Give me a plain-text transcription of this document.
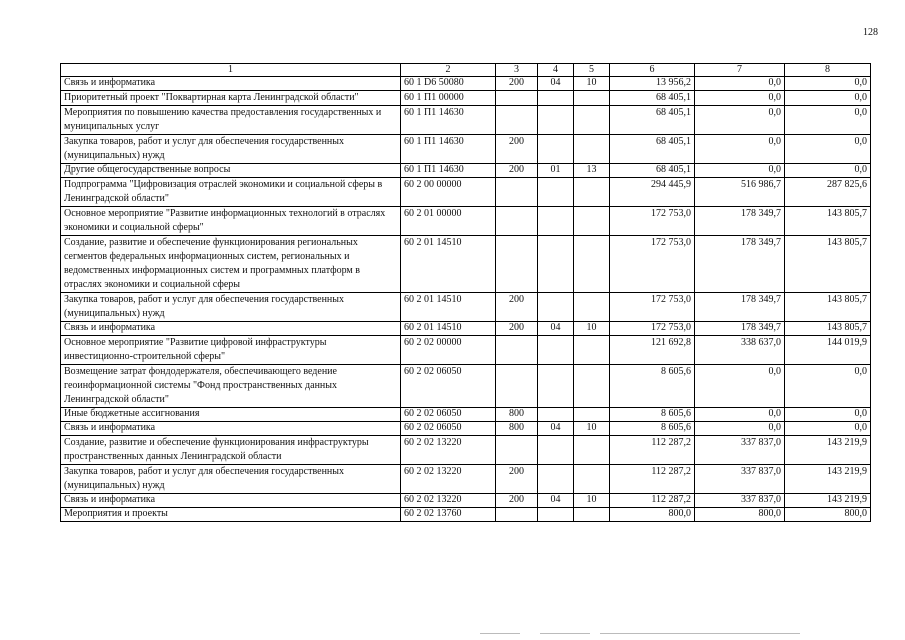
128
1	2	3	4	5	6	7	8
Связь и информатика	60 1 D6 50080	200	04	10	13 956,2	0,0	0,0
Приоритетный проект "Поквартирная карта Ленинградской области"	60 1 П1 00000				68 405,1	0,0	0,0
Мероприятия по повышению качества предоставления государственных и муниципальных услуг	60 1 П1 14630				68 405,1	0,0	0,0
Закупка товаров, работ и услуг для обеспечения государственных (муниципальных) нужд	60 1 П1 14630	200			68 405,1	0,0	0,0
Другие общегосударственные вопросы	60 1 П1 14630	200	01	13	68 405,1	0,0	0,0
Подпрограмма "Цифровизация отраслей экономики и социальной сферы в Ленинградской области"	60 2 00 00000				294 445,9	516 986,7	287 825,6
Основное мероприятие "Развитие информационных технологий в отраслях экономики и социальной сферы"	60 2 01 00000				172 753,0	178 349,7	143 805,7
Создание, развитие и обеспечение функционирования региональных сегментов федеральных информационных систем, региональных и ведомственных информационных систем и программных платформ в отраслях экономики и социальной сферы	60 2 01 14510				172 753,0	178 349,7	143 805,7
Закупка товаров, работ и услуг для обеспечения государственных (муниципальных) нужд	60 2 01 14510	200			172 753,0	178 349,7	143 805,7
Связь и информатика	60 2 01 14510	200	04	10	172 753,0	178 349,7	143 805,7
Основное мероприятие "Развитие цифровой инфраструктуры инвестиционно-строительной сферы"	60 2 02 00000				121 692,8	338 637,0	144 019,9
Возмещение затрат фондодержателя, обеспечивающего ведение геоинформационной системы "Фонд пространственных данных Ленинградской области"	60 2 02 06050				8 605,6	0,0	0,0
Иные бюджетные ассигнования	60 2 02 06050	800			8 605,6	0,0	0,0
Связь и информатика	60 2 02 06050	800	04	10	8 605,6	0,0	0,0
Создание, развитие и обеспечение функционирования инфраструктуры пространственных данных Ленинградской области	60 2 02 13220				112 287,2	337 837,0	143 219,9
Закупка товаров, работ и услуг для обеспечения государственных (муниципальных) нужд	60 2 02 13220	200			112 287,2	337 837,0	143 219,9
Связь и информатика	60 2 02 13220	200	04	10	112 287,2	337 837,0	143 219,9
Мероприятия и проекты	60 2 02 13760				800,0	800,0	800,0
